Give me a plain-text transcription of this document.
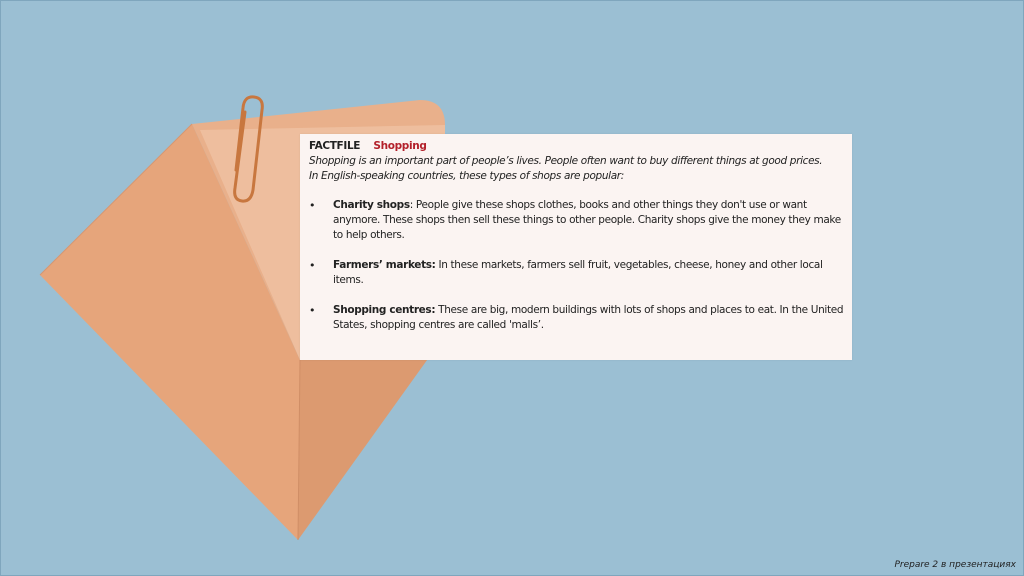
FACTFILE Shopping
Shopping is an important part of people’s lives. People often want to buy different things at good prices.
In English-speaking countries, these types of shops are popular:
• Charity shops: People give these shops clothes, books and other things they don't use or want anymore. These shops then sell these things to other people. Charity shops give the money they make to help others.
• Farmers’ markets: In these markets, farmers sell fruit, vegetables, cheese, honey and other local items.
• Shopping centres: These are big, modern buildings with lots of shops and places to eat. In the United States, shopping centres are called 'malls’.
Prepare 2 в презентациях
